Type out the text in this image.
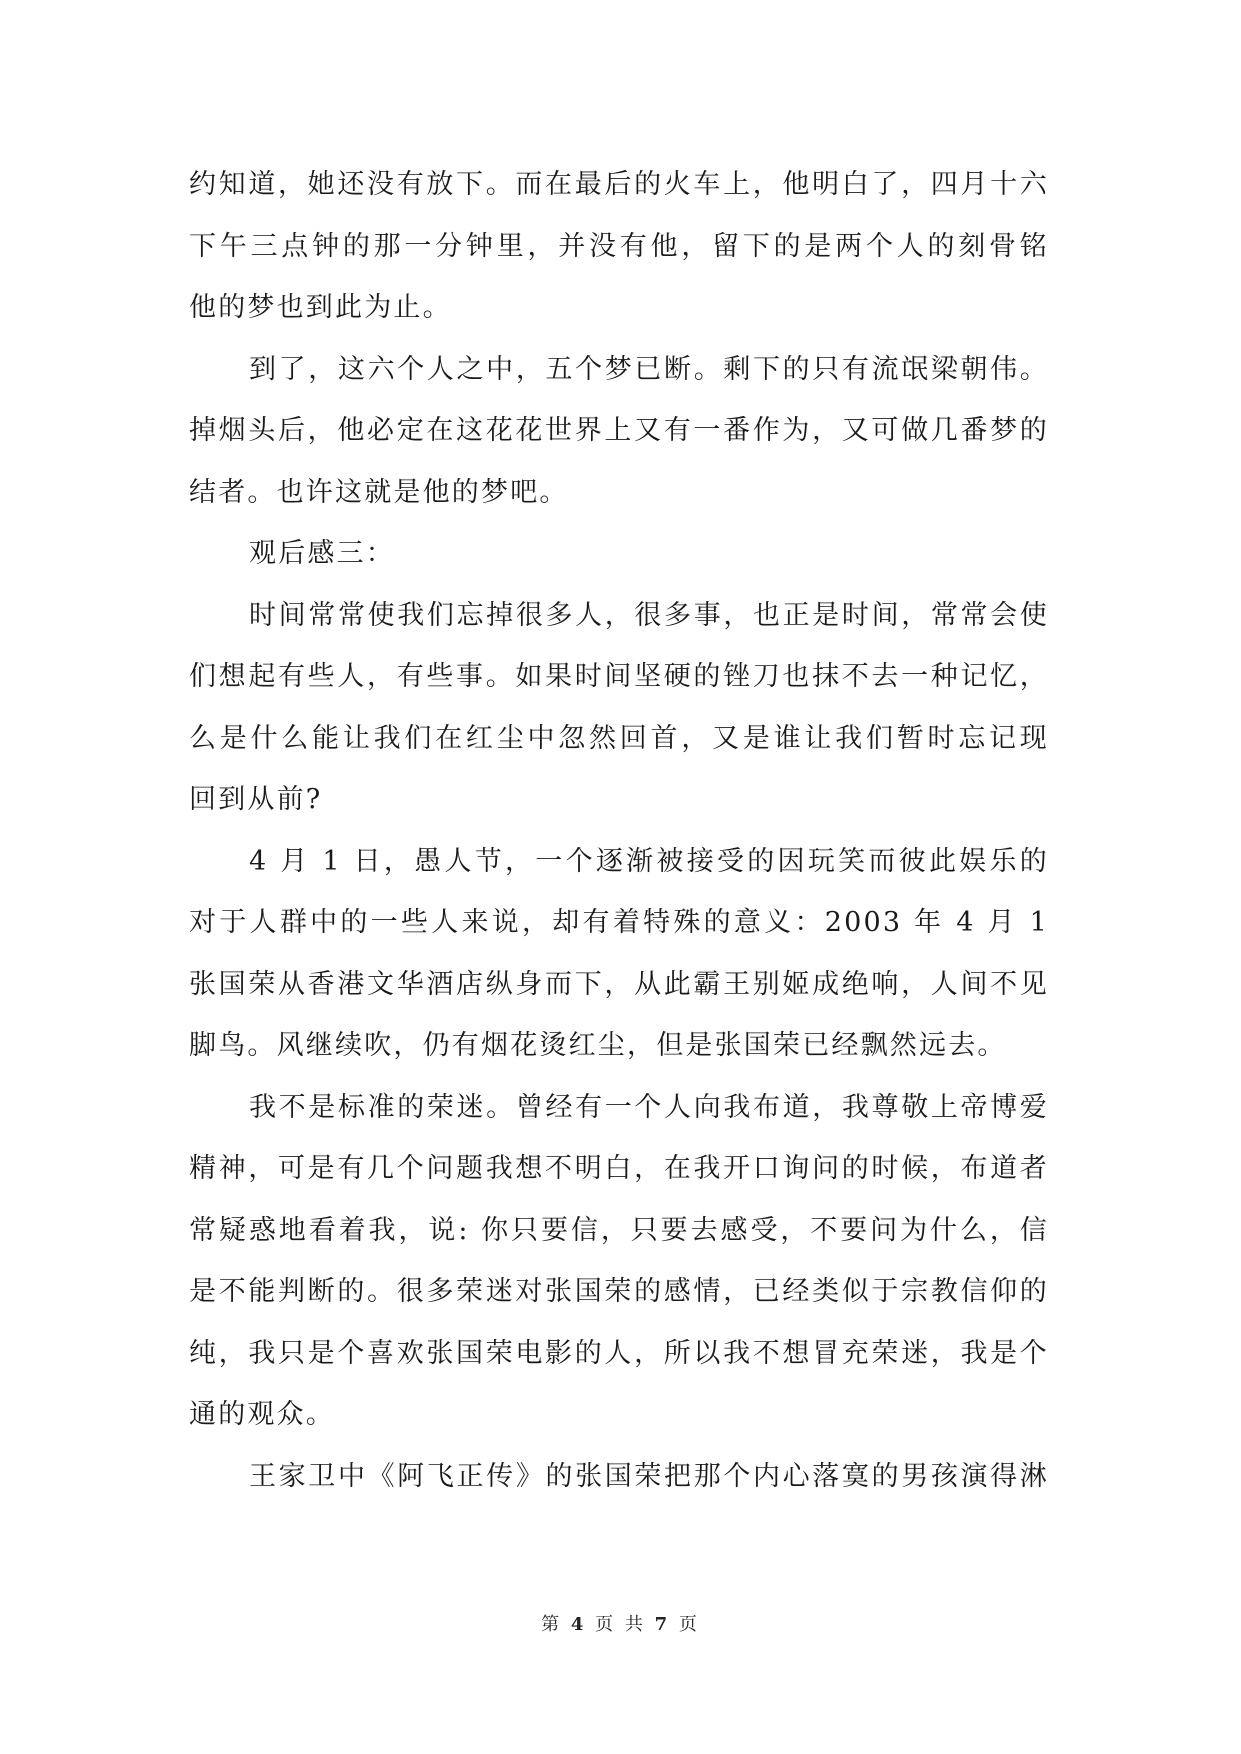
约知道，她还没有放下。而在最后的火车上，他明白了，四月十六
下午三点钟的那一分钟里，并没有他，留下的是两个人的刻骨铭
他的梦也到此为止。
到了，这六个人之中，五个梦已断。剩下的只有流氓梁朝伟。
掉烟头后，他必定在这花花世界上又有一番作为，又可做几番梦的
结者。也许这就是他的梦吧。
观后感三：
时间常常使我们忘掉很多人，很多事，也正是时间，常常会使
们想起有些人，有些事。如果时间坚硬的锉刀也抹不去一种记忆，
么是什么能让我们在红尘中忽然回首，又是谁让我们暂时忘记现
回到从前?
4 月 1 日，愚人节，一个逐渐被接受的因玩笑而彼此娱乐的
对于人群中的一些人来说，却有着特殊的意义：2003 年 4 月 1
张国荣从香港文华酒店纵身而下，从此霸王别姬成绝响，人间不见
脚鸟。风继续吹，仍有烟花烫红尘，但是张国荣已经飘然远去。
我不是标准的荣迷。曾经有一个人向我布道，我尊敬上帝博爱
精神，可是有几个问题我想不明白，在我开口询问的时候，布道者
常疑惑地看着我，说: 你只要信，只要去感受，不要问为什么，信
是不能判断的。很多荣迷对张国荣的感情，已经类似于宗教信仰的
纯，我只是个喜欢张国荣电影的人，所以我不想冒充荣迷，我是个
通的观众。
王家卫中《阿飞正传》的张国荣把那个内心落寞的男孩演得淋
第 4 页 共 7 页
